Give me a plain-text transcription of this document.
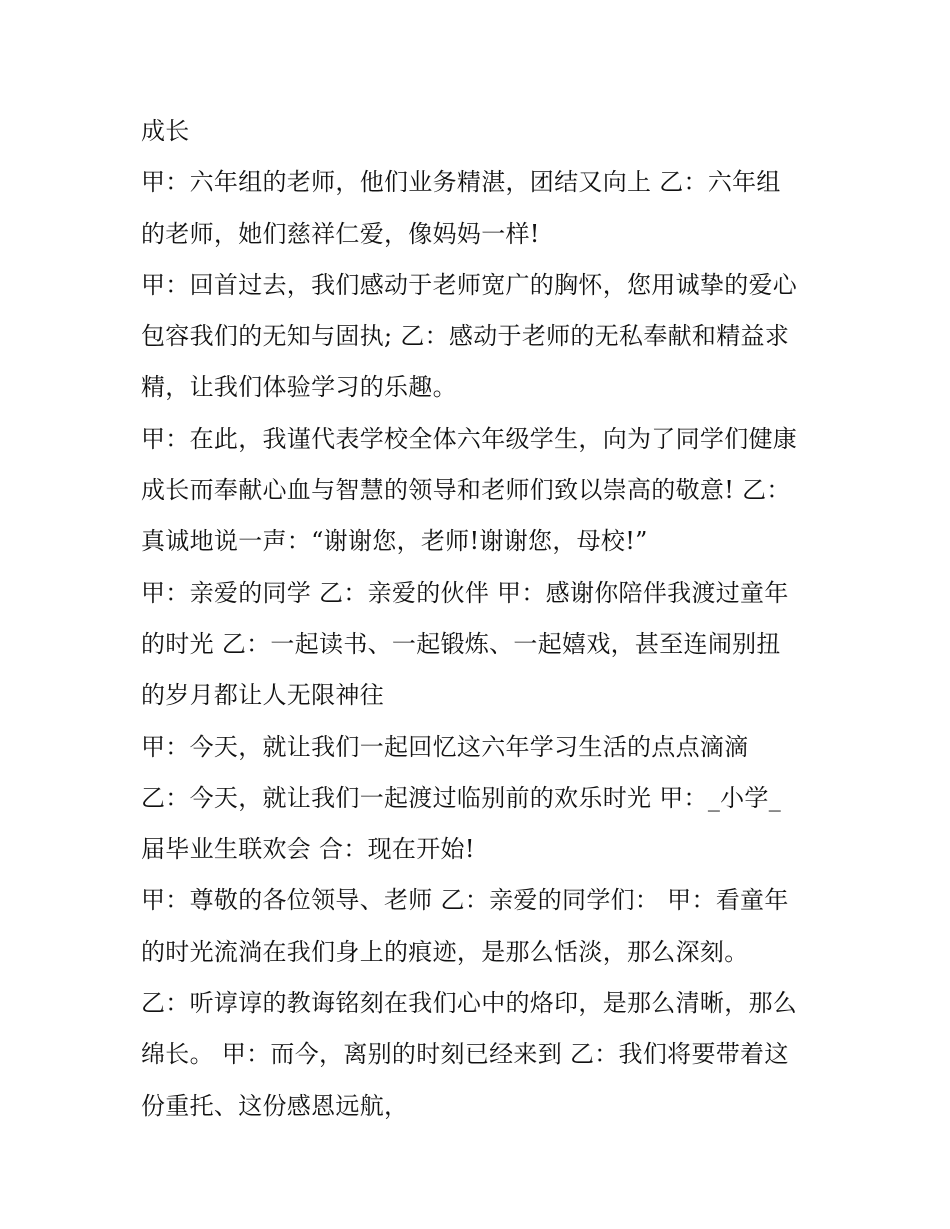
成长
甲：六年组的老师，他们业务精湛，团结又向上 乙：六年组
的老师，她们慈祥仁爱，像妈妈一样!
甲：回首过去，我们感动于老师宽广的胸怀，您用诚挚的爱心
包容我们的无知与固执; 乙：感动于老师的无私奉献和精益求
精，让我们体验学习的乐趣。
甲：在此，我谨代表学校全体六年级学生，向为了同学们健康
成长而奉献心血与智慧的领导和老师们致以崇高的敬意! 乙：
真诚地说一声：“谢谢您，老师!谢谢您，母校!”
甲：亲爱的同学 乙：亲爱的伙伴 甲：感谢你陪伴我渡过童年
的时光 乙：一起读书、一起锻炼、一起嬉戏，甚至连闹别扭
的岁月都让人无限神往
甲：今天，就让我们一起回忆这六年学习生活的点点滴滴
乙：今天，就让我们一起渡过临别前的欢乐时光 甲：_小学_
届毕业生联欢会 合：现在开始!
甲：尊敬的各位领导、老师 乙：亲爱的同学们： 甲：看童年
的时光流淌在我们身上的痕迹，是那么恬淡，那么深刻。
乙：听谆谆的教诲铭刻在我们心中的烙印，是那么清晰，那么
绵长。 甲：而今，离别的时刻已经来到 乙：我们将要带着这
份重托、这份感恩远航，
